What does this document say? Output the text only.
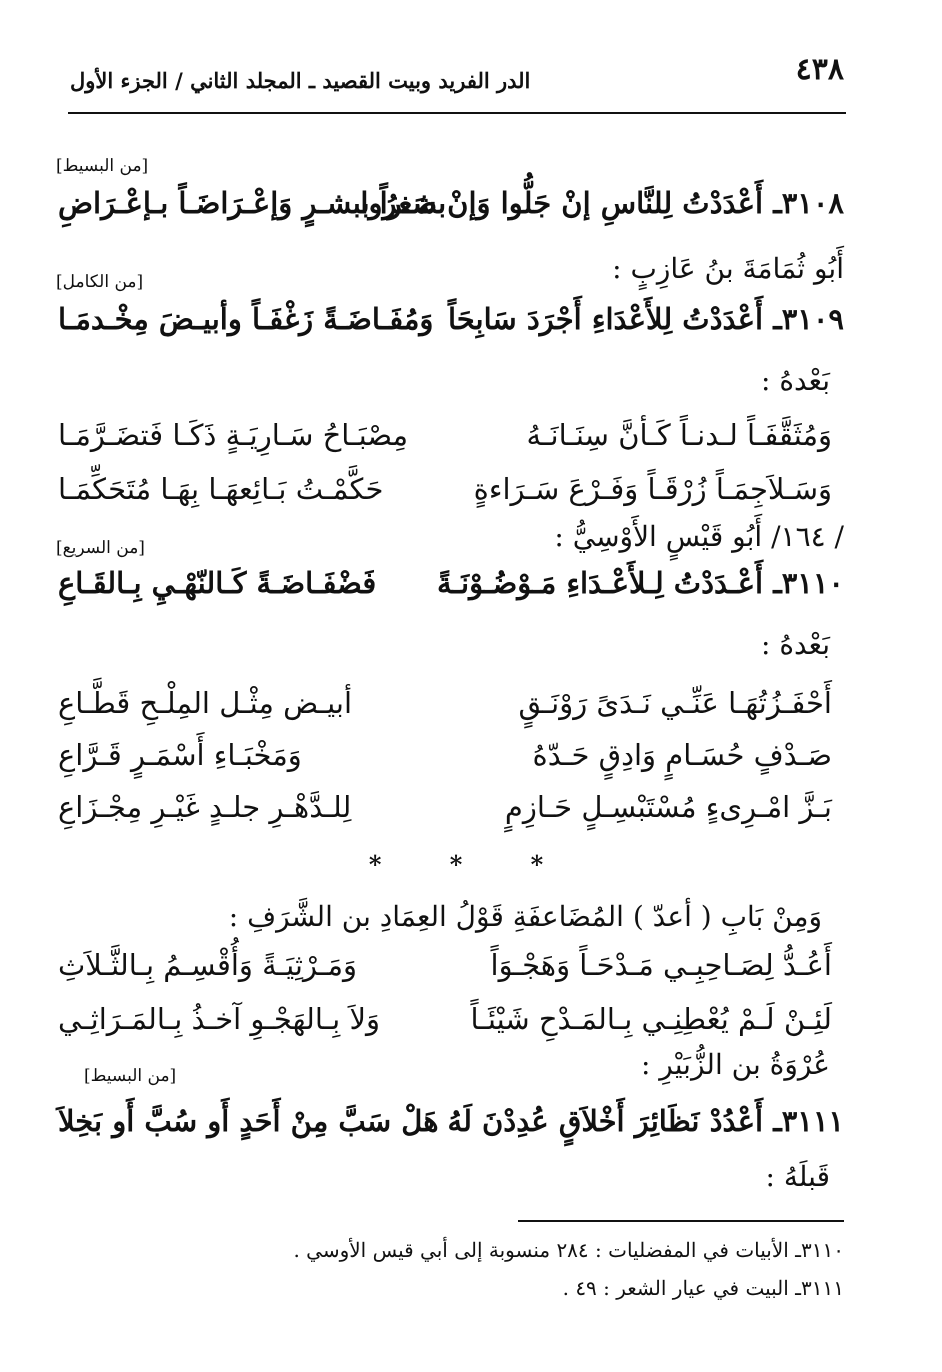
٤٣٨
الدر الفريد وبيت القصيد ـ المجلد الثاني / الجزء الأول
[من البسيط]
٣١٠٨ـ أَعْدَدْتُ لِلنَّاسِ إنْ جَلُّوا وَإنْ صَغرُوا
بشـراً ببشـرٍ وَإعْـرَاضَـاً بـإعْـرَاضِ
أَبُو ثُمَامَةَ بنُ عَازِبٍ :
[من الكامل]
٣١٠٩ـ أَعْدَدْتُ لِلأَعْدَاءِ أَجْرَدَ سَابِحَاً
وَمُفَـاضَـةً زَغْفَـاً وأبيـضَ مِخْـدمَـا
بَعْدهُ :
وَمُثَقَّفَـاً لـدنـاً كَـأنَّ سِنَـانَـهُ
مِصْبَـاحُ سَـارِيَـةٍ ذَكَـا فَتضَـرَّمَـا
وَسَـلاَجِمَـاً زُرْقَـاً وَفَـرْعَ سَـرَاءةٍ
حَكَّمْـتُ بَـائِعهَـا بِهَـا مُتَحَكِّمَـا
/ ١٦٤/ أَبُو قَيْسٍ الأَوْسِيُّ :
[من السريع]
٣١١٠ـ أَعْـدَدْتُ لِـلأَعْـدَاءِ مَـوْضُـوْنَـةً
فَضْفَـاضَـةً كَـالنّهْـيِ بِـالقَـاعِ
بَعْدهُ :
أَحْفَـزُتُهَـا عَنِّـي نَـدَىً رَوْنَـقٍ
أبيـض مِثْـل المِلْـحِ قَطَّـاعِ
صَـدْفٍ حُسَـامٍ وَادِقٍ حَـدّهُ
وَمَخْبَـاءِ أَسْمَـرٍ قَـرَّاعِ
بَـزَّ امْـرِىءٍ مُسْتَبْسِـلٍ حَـازِمٍ
لِلـدَّهْـرِ جلـدٍ غَيْـرِ مِجْـزَاعِ
* * *
وَمِنْ بَابِ ( أعدّ ) المُضَاعفَةِ قَوْلُ العِمَادِ بن الشَّرَفِ :
أَعُـدُّ لِصَـاحِبِـي مَـدْحَـاً وَهَجْـوَاً
وَمَـرْثِيَـةً وَأُقْسِـمُ بِـالثَّـلاَثِ
لَئِـنْ لَـمْ يُعْطِنِـي بِـالمَـدْحِ شَيْئَـاً
وَلاَ بِـالهَجْـوِ آخـذُ بِـالمَـرَاثِـي
عُرْوَةُ بن الزُّبَيْرِ :
[من البسيط]
٣١١١ـ أَعْدُدْ نَظَائِرَ أَخْلاَقٍ عُدِدْنَ لَهُ
هَلْ سَبَّ مِنْ أَحَدٍ أَو سُبَّ أَو بَخِلاَ
قَبلَهُ :
٣١١٠ـ الأبيات في المفضليات : ٢٨٤ منسوبة إلى أبي قيس الأوسي .
٣١١١ـ البيت في عيار الشعر : ٤٩ .
